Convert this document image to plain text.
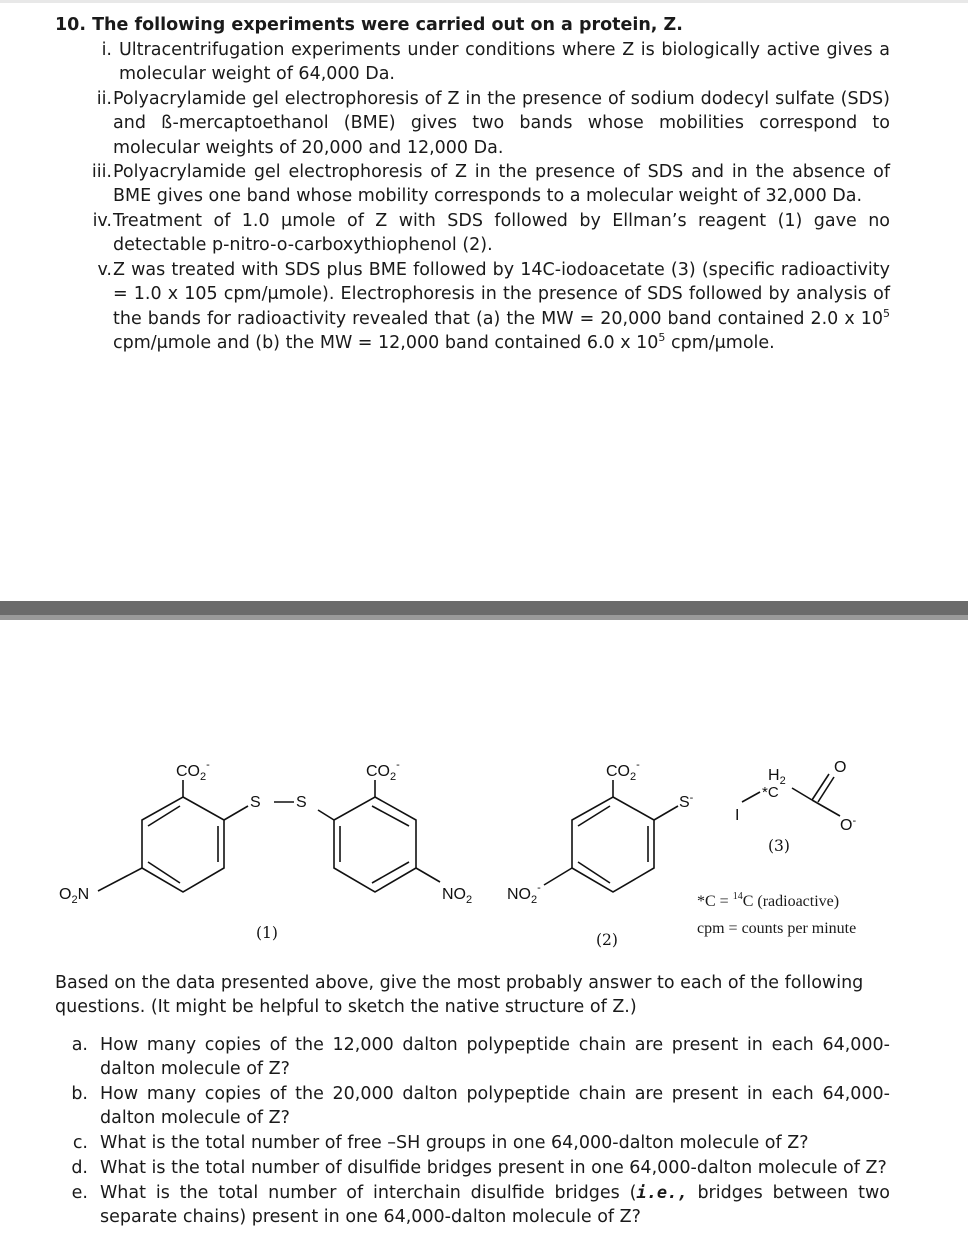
10. The following experiments were carried out on a protein, Z.
i. Ultracentrifugation experiments under conditions where Z is biologically active gives a molecular weight of 64,000 Da.
ii. Polyacrylamide gel electrophoresis of Z in the presence of sodium dodecyl sulfate (SDS) and ß-mercaptoethanol (BME) gives two bands whose mobilities correspond to molecular weights of 20,000 and 12,000 Da.
iii. Polyacrylamide gel electrophoresis of Z in the presence of SDS and in the absence of BME gives one band whose mobility corresponds to a molecular weight of 32,000 Da.
iv. Treatment of 1.0 μmole of Z with SDS followed by Ellman’s reagent (1) gave no detectable p-nitro-o-carboxythiophenol (2).
v. Z was treated with SDS plus BME followed by 14C-iodoacetate (3) (specific radioactivity = 1.0 x 105 cpm/μmole). Electrophoresis in the presence of SDS followed by analysis of the bands for radioactivity revealed that (a) the MW = 20,000 band contained 2.0 x $10^5$ cpm/μmole and (b) the MW = 12,000 band contained 6.0 x $10^5$ cpm/μmole.
$CO_2^-$	$CO_2^-$
S S
$O_2N$	$NO_2$
(1)
$CO_2^-$
S-
$NO_2^-$
(2)
$H_2$
*C
I
O
O-
(3)
*C = $^{14}$C (radioactive)
cpm = counts per minute
Based on the data presented above, give the most probably answer to each of the following questions. (It might be helpful to sketch the native structure of Z.)
a. How many copies of the 12,000 dalton polypeptide chain are present in each 64,000-dalton molecule of Z?
b. How many copies of the 20,000 dalton polypeptide chain are present in each 64,000-dalton molecule of Z?
c. What is the total number of free –SH groups in one 64,000-dalton molecule of Z?
d. What is the total number of disulfide bridges present in one 64,000-dalton molecule of Z?
e. What is the total number of interchain disulfide bridges (i.e., bridges between two separate chains) present in one 64,000-dalton molecule of Z?
